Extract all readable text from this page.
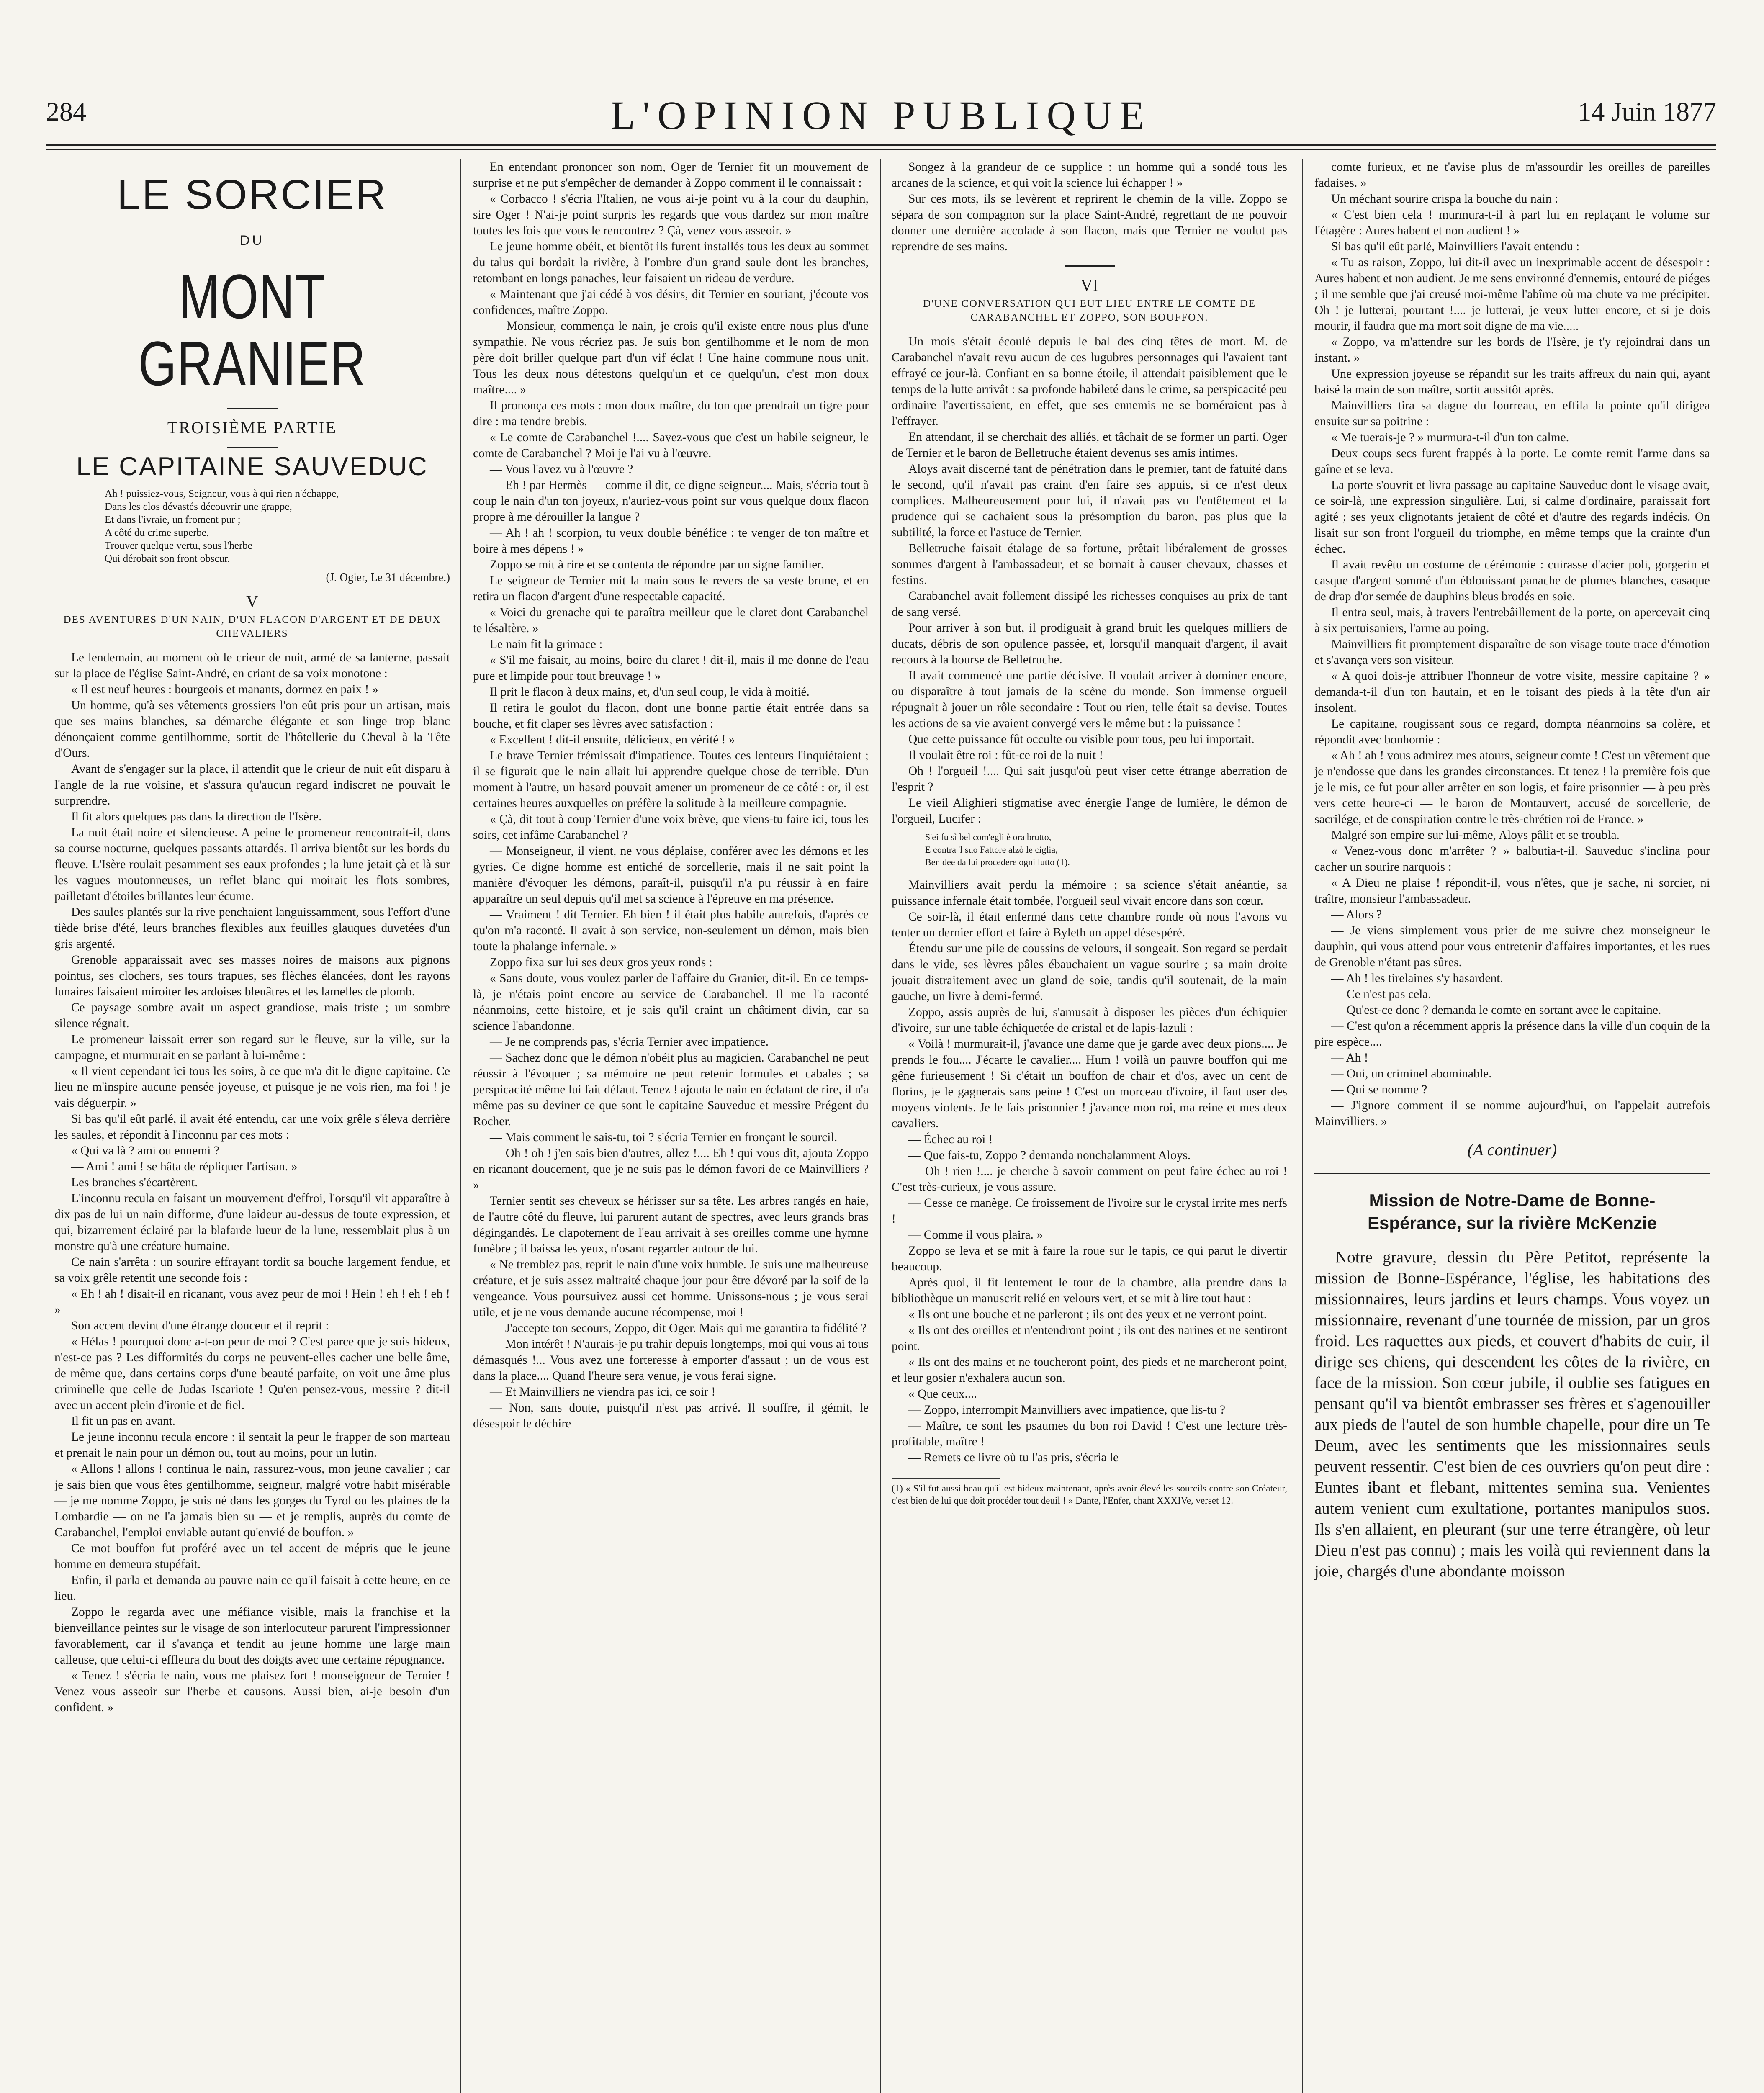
284	L'OPINION PUBLIQUE	14 Juin 1877
LE SORCIER
DU
MONT GRANIER
TROISIÈME PARTIE
LE CAPITAINE SAUVEDUC
Ah ! puissiez-vous, Seigneur, vous à qui rien n'échappe,
Dans les clos dévastés découvrir une grappe,
Et dans l'ivraie, un froment pur ;
A côté du crime superbe,
Trouver quelque vertu, sous l'herbe
Qui dérobait son front obscur.
(J. Ogier, Le 31 décembre.)
V
DES AVENTURES D'UN NAIN, D'UN FLACON D'ARGENT ET DE DEUX CHEVALIERS

Le lendemain, au moment où le crieur de nuit, armé de sa lanterne, passait sur la place de l'église Saint-André, en criant de sa voix monotone :

« Il est neuf heures : bourgeois et manants, dormez en paix ! »

Un homme, qu'à ses vêtements grossiers l'on eût pris pour un artisan, mais que ses mains blanches, sa démarche élégante et son linge trop blanc dénonçaient comme gentilhomme, sortit de l'hôtellerie du Cheval à la Tête d'Ours.

Avant de s'engager sur la place, il attendit que le crieur de nuit eût disparu à l'angle de la rue voisine, et s'assura qu'aucun regard indiscret ne pouvait le surprendre.

Il fit alors quelques pas dans la direction de l'Isère.

La nuit était noire et silencieuse. A peine le promeneur rencontrait-il, dans sa course nocturne, quelques passants attardés. Il arriva bientôt sur les bords du fleuve. L'Isère roulait pesamment ses eaux profondes ; la lune jetait çà et là sur les vagues moutonneuses, un reflet blanc qui moirait les flots sombres, pailletant d'étoiles brillantes leur écume.

Des saules plantés sur la rive penchaient languissamment, sous l'effort d'une tiède brise d'été, leurs branches flexibles aux feuilles glauques duvetées d'un gris argenté.

Grenoble apparaissait avec ses masses noires de maisons aux pignons pointus, ses clochers, ses tours trapues, ses flèches élancées, dont les rayons lunaires faisaient miroiter les ardoises bleuâtres et les lamelles de plomb.

Ce paysage sombre avait un aspect grandiose, mais triste ; un sombre silence régnait.

Le promeneur laissait errer son regard sur le fleuve, sur la ville, sur la campagne, et murmurait en se parlant à lui-même :

« Il vient cependant ici tous les soirs, à ce que m'a dit le digne capitaine. Ce lieu ne m'inspire aucune pensée joyeuse, et puisque je ne vois rien, ma foi ! je vais déguerpir. »

Si bas qu'il eût parlé, il avait été entendu, car une voix grêle s'éleva derrière les saules, et répondit à l'inconnu par ces mots :

« Qui va là ? ami ou ennemi ?

— Ami ! ami ! se hâta de répliquer l'artisan. »

Les branches s'écartèrent.

L'inconnu recula en faisant un mouvement d'effroi, l'orsqu'il vit apparaître à dix pas de lui un nain difforme, d'une laideur au-dessus de toute expression, et qui, bizarrement éclairé par la blafarde lueur de la lune, ressemblait plus à un monstre qu'à une créature humaine.

Ce nain s'arrêta : un sourire effrayant tordit sa bouche largement fendue, et sa voix grêle retentit une seconde fois :

« Eh ! ah ! disait-il en ricanant, vous avez peur de moi ! Hein ! eh ! eh ! eh ! »

Son accent devint d'une étrange douceur et il reprit :

« Hélas ! pourquoi donc a-t-on peur de moi ? C'est parce que je suis hideux, n'est-ce pas ? Les difformités du corps ne peuvent-elles cacher une belle âme, de même que, dans certains corps d'une beauté parfaite, on voit une âme plus criminelle que celle de Judas Iscariote ! Qu'en pensez-vous, messire ? dit-il avec un accent plein d'ironie et de fiel.

Il fit un pas en avant.

Le jeune inconnu recula encore : il sentait la peur le frapper de son marteau et prenait le nain pour un démon ou, tout au moins, pour un lutin.

« Allons ! allons ! continua le nain, rassurez-vous, mon jeune cavalier ; car je sais bien que vous êtes gentilhomme, seigneur, malgré votre habit misérable — je me nomme Zoppo, je suis né dans les gorges du Tyrol ou les plaines de la Lombardie — on ne l'a jamais bien su — et je remplis, auprès du comte de Carabanchel, l'emploi enviable autant qu'envié de bouffon. »

Ce mot bouffon fut proféré avec un tel accent de mépris que le jeune homme en demeura stupéfait.

Enfin, il parla et demanda au pauvre nain ce qu'il faisait à cette heure, en ce lieu.

Zoppo le regarda avec une méfiance visible, mais la franchise et la bienveillance peintes sur le visage de son interlocuteur parurent l'impressionner favorablement, car il s'avança et tendit au jeune homme une large main calleuse, que celui-ci effleura du bout des doigts avec une certaine répugnance.

« Tenez ! s'écria le nain, vous me plaisez fort ! monseigneur de Ternier ! Venez vous asseoir sur l'herbe et causons. Aussi bien, ai-je besoin d'un confident. »

En entendant prononcer son nom, Oger de Ternier fit un mouvement de surprise et ne put s'empêcher de demander à Zoppo comment il le connaissait :

« Corbacco ! s'écria l'Italien, ne vous ai-je point vu à la cour du dauphin, sire Oger ! N'ai-je point surpris les regards que vous dardez sur mon maître toutes les fois que vous le rencontrez ? Çà, venez vous asseoir. »

Le jeune homme obéit, et bientôt ils furent installés tous les deux au sommet du talus qui bordait la rivière, à l'ombre d'un grand saule dont les branches, retombant en longs panaches, leur faisaient un rideau de verdure.

« Maintenant que j'ai cédé à vos désirs, dit Ternier en souriant, j'écoute vos confidences, maître Zoppo.

— Monsieur, commença le nain, je crois qu'il existe entre nous plus d'une sympathie. Ne vous récriez pas. Je suis bon gentilhomme et le nom de mon père doit briller quelque part d'un vif éclat ! Une haine commune nous unit. Tous les deux nous détestons quelqu'un et ce quelqu'un, c'est mon doux maître.... »

Il prononça ces mots : mon doux maître, du ton que prendrait un tigre pour dire : ma tendre brebis.

« Le comte de Carabanchel !.... Savez-vous que c'est un habile seigneur, le comte de Carabanchel ? Moi je l'ai vu à l'œuvre.

— Vous l'avez vu à l'œuvre ?

— Eh ! par Hermès — comme il dit, ce digne seigneur.... Mais, s'écria tout à coup le nain d'un ton joyeux, n'auriez-vous point sur vous quelque doux flacon propre à me dérouiller la langue ?

— Ah ! ah ! scorpion, tu veux double bénéfice : te venger de ton maître et boire à mes dépens ! »

Zoppo se mit à rire et se contenta de répondre par un signe familier.

Le seigneur de Ternier mit la main sous le revers de sa veste brune, et en retira un flacon d'argent d'une respectable capacité.

« Voici du grenache qui te paraîtra meilleur que le claret dont Carabanchel te lésaltère. »

Le nain fit la grimace :

« S'il me faisait, au moins, boire du claret ! dit-il, mais il me donne de l'eau pure et limpide pour tout breuvage ! »

Il prit le flacon à deux mains, et, d'un seul coup, le vida à moitié.

Il retira le goulot du flacon, dont une bonne partie était entrée dans sa bouche, et fit claper ses lèvres avec satisfaction :

« Excellent ! dit-il ensuite, délicieux, en vérité ! »

Le brave Ternier frémissait d'impatience. Toutes ces lenteurs l'inquiétaient ; il se figurait que le nain allait lui apprendre quelque chose de terrible. D'un moment à l'autre, un hasard pouvait amener un promeneur de ce côté : or, il est certaines heures auxquelles on préfère la solitude à la meilleure compagnie.

« Çà, dit tout à coup Ternier d'une voix brève, que viens-tu faire ici, tous les soirs, cet infâme Carabanchel ?

— Monseigneur, il vient, ne vous déplaise, conférer avec les démons et les gyries. Ce digne homme est entiché de sorcellerie, mais il ne sait point la manière d'évoquer les démons, paraît-il, puisqu'il n'a pu réussir à en faire apparaître un seul depuis qu'il met sa science à l'épreuve en ma présence.

— Vraiment ! dit Ternier. Eh bien ! il était plus habile autrefois, d'après ce qu'on m'a raconté. Il avait à son service, non-seulement un démon, mais bien toute la phalange infernale. »

Zoppo fixa sur lui ses deux gros yeux ronds :

« Sans doute, vous voulez parler de l'affaire du Granier, dit-il. En ce temps-là, je n'étais point encore au service de Carabanchel. Il me l'a raconté néanmoins, cette histoire, et je sais qu'il craint un châtiment divin, car sa science l'abandonne.

— Je ne comprends pas, s'écria Ternier avec impatience.

— Sachez donc que le démon n'obéit plus au magicien. Carabanchel ne peut réussir à l'évoquer ; sa mémoire ne peut retenir formules et cabales ; sa perspicacité même lui fait défaut. Tenez ! ajouta le nain en éclatant de rire, il n'a même pas su deviner ce que sont le capitaine Sauveduc et messire Prégent du Rocher.

— Mais comment le sais-tu, toi ? s'écria Ternier en fronçant le sourcil.

— Oh ! oh ! j'en sais bien d'autres, allez !.... Eh ! qui vous dit, ajouta Zoppo en ricanant doucement, que je ne suis pas le démon favori de ce Mainvilliers ? »

Ternier sentit ses cheveux se hérisser sur sa tête. Les arbres rangés en haie, de l'autre côté du fleuve, lui parurent autant de spectres, avec leurs grands bras dégingandés. Le clapotement de l'eau arrivait à ses oreilles comme une hymne funèbre ; il baissa les yeux, n'osant regarder autour de lui.

« Ne tremblez pas, reprit le nain d'une voix humble. Je suis une malheureuse créature, et je suis assez maltraité chaque jour pour être dévoré par la soif de la vengeance. Vous poursuivez aussi cet homme. Unissons-nous ; je vous serai utile, et je ne vous demande aucune récompense, moi !

— J'accepte ton secours, Zoppo, dit Oger. Mais qui me garantira ta fidélité ?

— Mon intérêt ! N'aurais-je pu trahir depuis longtemps, moi qui vous ai tous démasqués !... Vous avez une forteresse à emporter d'assaut ; un de vous est dans la place.... Quand l'heure sera venue, je vous ferai signe.

— Et Mainvilliers ne viendra pas ici, ce soir !

— Non, sans doute, puisqu'il n'est pas arrivé. Il souffre, il gémit, le désespoir le déchire

Songez à la grandeur de ce supplice : un homme qui a sondé tous les arcanes de la science, et qui voit la science lui échapper ! »

Sur ces mots, ils se levèrent et reprirent le chemin de la ville. Zoppo se sépara de son compagnon sur la place Saint-André, regrettant de ne pouvoir donner une dernière accolade à son flacon, mais que Ternier ne voulut pas reprendre de ses mains.

VI
D'UNE CONVERSATION QUI EUT LIEU ENTRE LE COMTE DE CARABANCHEL ET ZOPPO, SON BOUFFON.

Un mois s'était écoulé depuis le bal des cinq têtes de mort. M. de Carabanchel n'avait revu aucun de ces lugubres personnages qui l'avaient tant effrayé ce jour-là. Confiant en sa bonne étoile, il attendait paisiblement que le temps de la lutte arrivât : sa profonde habileté dans le crime, sa perspicacité peu ordinaire l'avertissaient, en effet, que ses ennemis ne se bornéraient pas à l'effrayer.

En attendant, il se cherchait des alliés, et tâchait de se former un parti. Oger de Ternier et le baron de Belletruche étaient devenus ses amis intimes.

Aloys avait discerné tant de pénétration dans le premier, tant de fatuité dans le second, qu'il n'avait pas craint d'en faire ses appuis, si ce n'est deux complices. Malheureusement pour lui, il n'avait pas vu l'entêtement et la prudence qui se cachaient sous la présomption du baron, pas plus que la subtilité, la force et l'astuce de Ternier.

Belletruche faisait étalage de sa fortune, prêtait libéralement de grosses sommes d'argent à l'ambassadeur, et se bornait à causer chevaux, chasses et festins.

Carabanchel avait follement dissipé les richesses conquises au prix de tant de sang versé.

Pour arriver à son but, il prodiguait à grand bruit les quelques milliers de ducats, débris de son opulence passée, et, lorsqu'il manquait d'argent, il avait recours à la bourse de Belletruche.

Il avait commencé une partie décisive. Il voulait arriver à dominer encore, ou disparaître à tout jamais de la scène du monde. Son immense orgueil répugnait à jouer un rôle secondaire : Tout ou rien, telle était sa devise. Toutes les actions de sa vie avaient convergé vers le même but : la puissance !

Que cette puissance fût occulte ou visible pour tous, peu lui importait.

Il voulait être roi : fût-ce roi de la nuit !

Oh ! l'orgueil !.... Qui sait jusqu'où peut viser cette étrange aberration de l'esprit ?

Le vieil Alighieri stigmatise avec énergie l'ange de lumière, le démon de l'orgueil, Lucifer :

S'ei fu sì bel com'egli è ora brutto,
E contra 'l suo Fattore alzò le ciglia,
Ben dee da lui procedere ogni lutto (1).

Mainvilliers avait perdu la mémoire ; sa science s'était anéantie, sa puissance infernale était tombée, l'orgueil seul vivait encore dans son cœur.

Ce soir-là, il était enfermé dans cette chambre ronde où nous l'avons vu tenter un dernier effort et faire à Byleth un appel désespéré.

Étendu sur une pile de coussins de velours, il songeait. Son regard se perdait dans le vide, ses lèvres pâles ébauchaient un vague sourire ; sa main droite jouait distraitement avec un gland de soie, tandis qu'il soutenait, de la main gauche, un livre à demi-fermé.

Zoppo, assis auprès de lui, s'amusait à disposer les pièces d'un échiquier d'ivoire, sur une table échiquetée de cristal et de lapis-lazuli :

« Voilà ! murmurait-il, j'avance une dame que je garde avec deux pions.... Je prends le fou.... J'écarte le cavalier.... Hum ! voilà un pauvre bouffon qui me gêne furieusement ! Si c'était un bouffon de chair et d'os, avec un cent de florins, je le gagnerais sans peine ! C'est un morceau d'ivoire, il faut user des moyens violents. Je le fais prisonnier ! j'avance mon roi, ma reine et mes deux cavaliers.

— Échec au roi !

— Que fais-tu, Zoppo ? demanda nonchalamment Aloys.

— Oh ! rien !.... je cherche à savoir comment on peut faire échec au roi ! C'est très-curieux, je vous assure.

— Cesse ce manège. Ce froissement de l'ivoire sur le crystal irrite mes nerfs !

— Comme il vous plaira. »

Zoppo se leva et se mit à faire la roue sur le tapis, ce qui parut le divertir beaucoup.

Après quoi, il fit lentement le tour de la chambre, alla prendre dans la bibliothèque un manuscrit relié en velours vert, et se mit à lire tout haut :

« Ils ont une bouche et ne parleront ; ils ont des yeux et ne verront point.

« Ils ont des oreilles et n'entendront point ; ils ont des narines et ne sentiront point.

« Ils ont des mains et ne toucheront point, des pieds et ne marcheront point, et leur gosier n'exhalera aucun son.

« Que ceux....

— Zoppo, interrompit Mainvilliers avec impatience, que lis-tu ?

— Maître, ce sont les psaumes du bon roi David ! C'est une lecture très-profitable, maître !

— Remets ce livre où tu l'as pris, s'écria le

(1) « S'il fut aussi beau qu'il est hideux maintenant, après avoir élevé les sourcils contre son Créateur, c'est bien de lui que doit procéder tout deuil ! » Dante, l'Enfer, chant XXXIVe, verset 12.

comte furieux, et ne t'avise plus de m'assourdir les oreilles de pareilles fadaises. »

Un méchant sourire crispa la bouche du nain :

« C'est bien cela ! murmura-t-il à part lui en replaçant le volume sur l'étagère : Aures habent et non audient ! »

Si bas qu'il eût parlé, Mainvilliers l'avait entendu :

« Tu as raison, Zoppo, lui dit-il avec un inexprimable accent de désespoir : Aures habent et non audient. Je me sens environné d'ennemis, entouré de piéges ; il me semble que j'ai creusé moi-même l'abîme où ma chute va me précipiter. Oh ! je lutterai, pourtant !.... je lutterai, je veux lutter encore, et si je dois mourir, il faudra que ma mort soit digne de ma vie.....

« Zoppo, va m'attendre sur les bords de l'Isère, je t'y rejoindrai dans un instant. »

Une expression joyeuse se répandit sur les traits affreux du nain qui, ayant baisé la main de son maître, sortit aussitôt après.

Mainvilliers tira sa dague du fourreau, en effila la pointe qu'il dirigea ensuite sur sa poitrine :

« Me tuerais-je ? » murmura-t-il d'un ton calme.

Deux coups secs furent frappés à la porte. Le comte remit l'arme dans sa gaîne et se leva.

La porte s'ouvrit et livra passage au capitaine Sauveduc dont le visage avait, ce soir-là, une expression singulière. Lui, si calme d'ordinaire, paraissait fort agité ; ses yeux clignotants jetaient de côté et d'autre des regards indécis. On lisait sur son front l'orgueil du triomphe, en même temps que la crainte d'un échec.

Il avait revêtu un costume de cérémonie : cuirasse d'acier poli, gorgerin et casque d'argent sommé d'un éblouissant panache de plumes blanches, casaque de drap d'or semée de dauphins bleus brodés en soie.

Il entra seul, mais, à travers l'entrebâillement de la porte, on apercevait cinq à six pertuisaniers, l'arme au poing.

Mainvilliers fit promptement disparaître de son visage toute trace d'émotion et s'avança vers son visiteur.

« A quoi dois-je attribuer l'honneur de votre visite, messire capitaine ? » demanda-t-il d'un ton hautain, et en le toisant des pieds à la tête d'un air insolent.

Le capitaine, rougissant sous ce regard, dompta néanmoins sa colère, et répondit avec bonhomie :

« Ah ! ah ! vous admirez mes atours, seigneur comte ! C'est un vêtement que je n'endosse que dans les grandes circonstances. Et tenez ! la première fois que je le mis, ce fut pour aller arrêter en son logis, et faire prisonnier — à peu près vers cette heure-ci — le baron de Montauvert, accusé de sorcellerie, de sacrilége, et de conspiration contre le très-chrétien roi de France. »

Malgré son empire sur lui-même, Aloys pâlit et se troubla.

« Venez-vous donc m'arrêter ? » balbutia-t-il. Sauveduc s'inclina pour cacher un sourire narquois :

« A Dieu ne plaise ! répondit-il, vous n'êtes, que je sache, ni sorcier, ni traître, monsieur l'ambassadeur.

— Alors ?

— Je viens simplement vous prier de me suivre chez monseigneur le dauphin, qui vous attend pour vous entretenir d'affaires importantes, et les rues de Grenoble n'étant pas sûres.

— Ah ! les tirelaines s'y hasardent.

— Ce n'est pas cela.

— Qu'est-ce donc ? demanda le comte en sortant avec le capitaine.

— C'est qu'on a récemment appris la présence dans la ville d'un coquin de la pire espèce....

— Ah !

— Oui, un criminel abominable.

— Qui se nomme ?

— J'ignore comment il se nomme aujourd'hui, on l'appelait autrefois Mainvilliers. »

(A continuer)
Mission de Notre-Dame de Bonne-Espérance, sur la rivière McKenzie

Notre gravure, dessin du Père Petitot, représente la mission de Bonne-Espérance, l'église, les habitations des missionnaires, leurs jardins et leurs champs. Vous voyez un missionnaire, revenant d'une tournée de mission, par un gros froid. Les raquettes aux pieds, et couvert d'habits de cuir, il dirige ses chiens, qui descendent les côtes de la rivière, en face de la mission. Son cœur jubile, il oublie ses fatigues en pensant qu'il va bientôt embrasser ses frères et s'agenouiller aux pieds de l'autel de son humble chapelle, pour dire un Te Deum, avec les sentiments que les missionnaires seuls peuvent ressentir. C'est bien de ces ouvriers qu'on peut dire : Euntes ibant et flebant, mittentes semina sua. Venientes autem venient cum exultatione, portantes manipulos suos. Ils s'en allaient, en pleurant (sur une terre étrangère, où leur Dieu n'est pas connu) ; mais les voilà qui reviennent dans la joie, chargés d'une abondante moisson
